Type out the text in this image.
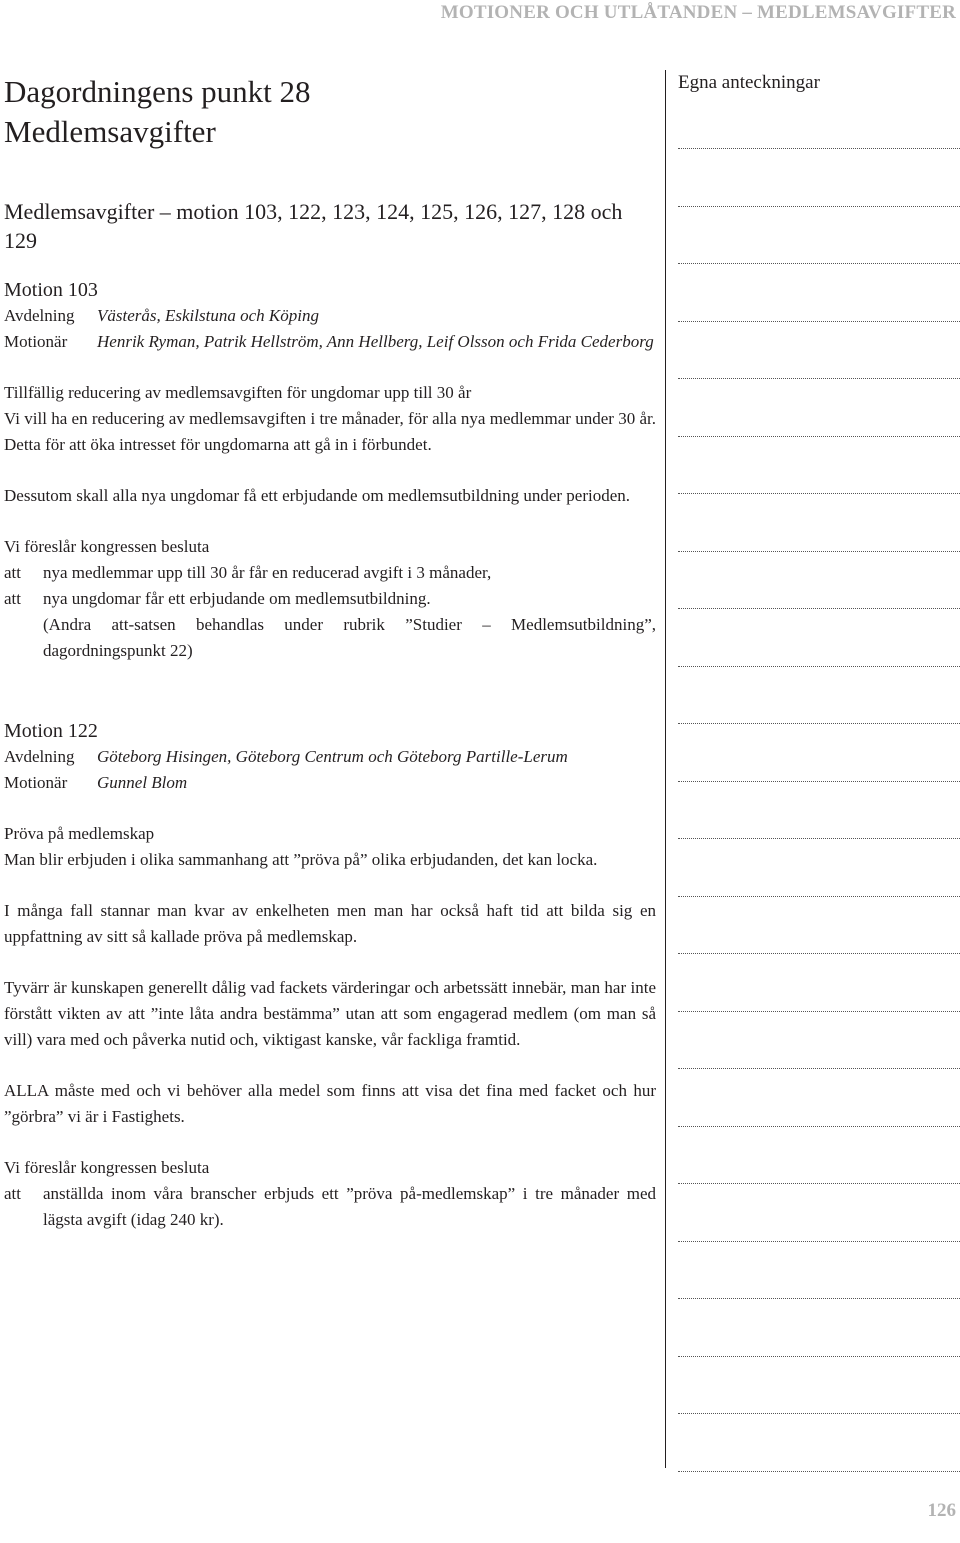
MOTIONER OCH UTLÅTANDEN – MEDLEMSAVGIFTER
Dagordningens punkt 28
Medlemsavgifter
Egna anteckningar
Medlemsavgifter – motion 103, 122, 123, 124, 125, 126, 127, 128 och 129
Motion 103
Avdelning	Västerås, Eskilstuna och Köping
Motionär	Henrik Ryman, Patrik Hellström, Ann Hellberg, Leif Olsson och Frida Cederborg

Tillfällig reducering av medlemsavgiften för ungdomar upp till 30 år

Vi vill ha en reducering av medlemsavgiften i tre månader, för alla nya medlemmar under 30 år. Detta för att öka intresset för ungdomarna att gå in i förbundet.

Dessutom skall alla nya ungdomar få ett erbjudande om medlemsutbildning under perioden.

Vi föreslår kongressen besluta

att	nya medlemmar upp till 30 år får en reducerad avgift i 3 månader,
att	nya ungdomar får ett erbjudande om medlemsutbildning.

(Andra att-satsen behandlas under rubrik ”Studier – Medlemsutbildning”, dagordningspunkt 22)

Motion 122
Avdelning	Göteborg Hisingen, Göteborg Centrum och Göteborg Partille-Lerum
Motionär	Gunnel Blom

Pröva på medlemskap

Man blir erbjuden i olika sammanhang att ”pröva på” olika erbjudanden, det kan locka.

I många fall stannar man kvar av enkelheten men man har också haft tid att bilda sig en uppfattning av sitt så kallade pröva på medlemskap.

Tyvärr är kunskapen generellt dålig vad fackets värderingar och arbetssätt innebär, man har inte förstått vikten av att ”inte låta andra bestämma” utan att som engagerad medlem (om man så vill) vara med och påverka nutid och, viktigast kanske, vår fackliga framtid.

ALLA måste med och vi behöver alla medel som finns att visa det fina med facket och hur ”görbra” vi är i Fastighets.

Vi föreslår kongressen besluta

att	anställda inom våra branscher erbjuds ett ”pröva på-medlemskap” i tre månader med lägsta avgift (idag 240 kr).
126
